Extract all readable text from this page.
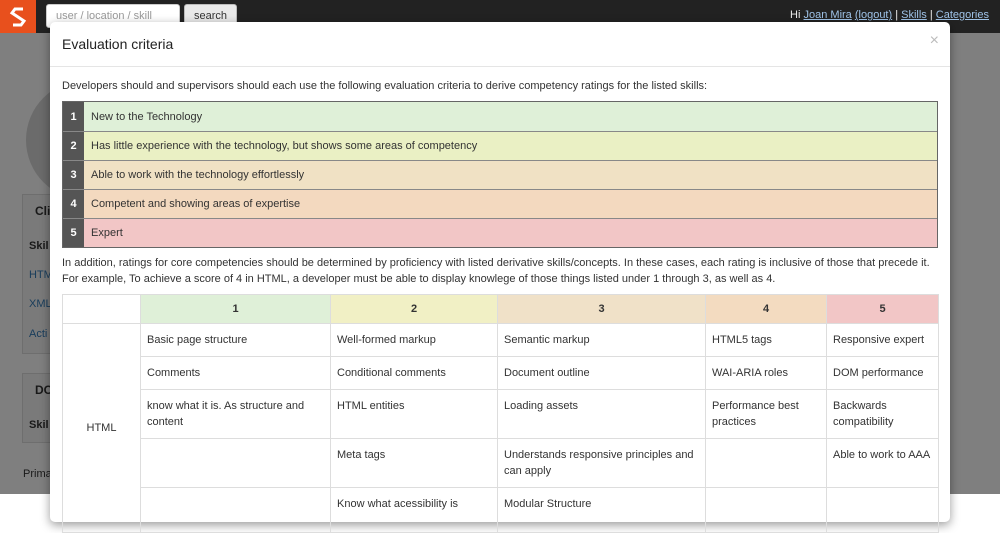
user / location / skill
search	Hi Joan Mira (logout) | Skills | Categories
Evaluation criteria	×
Developers should and supervisors should each use the following evaluation criteria to derive competency ratings for the listed skills:
1	New to the Technology
2	Has little experience with the technology, but shows some areas of competency
3	Able to work with the technology effortlessly
4	Competent and showing areas of expertise
5	Expert
In addition, ratings for core competencies should be determined by proficiency with listed derivative skills/concepts. In these cases, each rating is inclusive of those that precede it. For example, To achieve a score of 4 in HTML, a developer must be able to display knowlege of those things listed under 1 through 3, as well as 4.
	1	2	3	4	5
HTML	Basic page structure	Well-formed markup	Semantic markup	HTML5 tags	Responsive expert
	Comments	Conditional comments	Document outline	WAI-ARIA roles	DOM performance
	know what it is. As structure and content	HTML entities	Loading assets	Performance best practices	Backwards compatibility
		Meta tags	Understands responsive principles and can apply		Able to work to AAA
		Know what acessibility is	Modular Structure		
